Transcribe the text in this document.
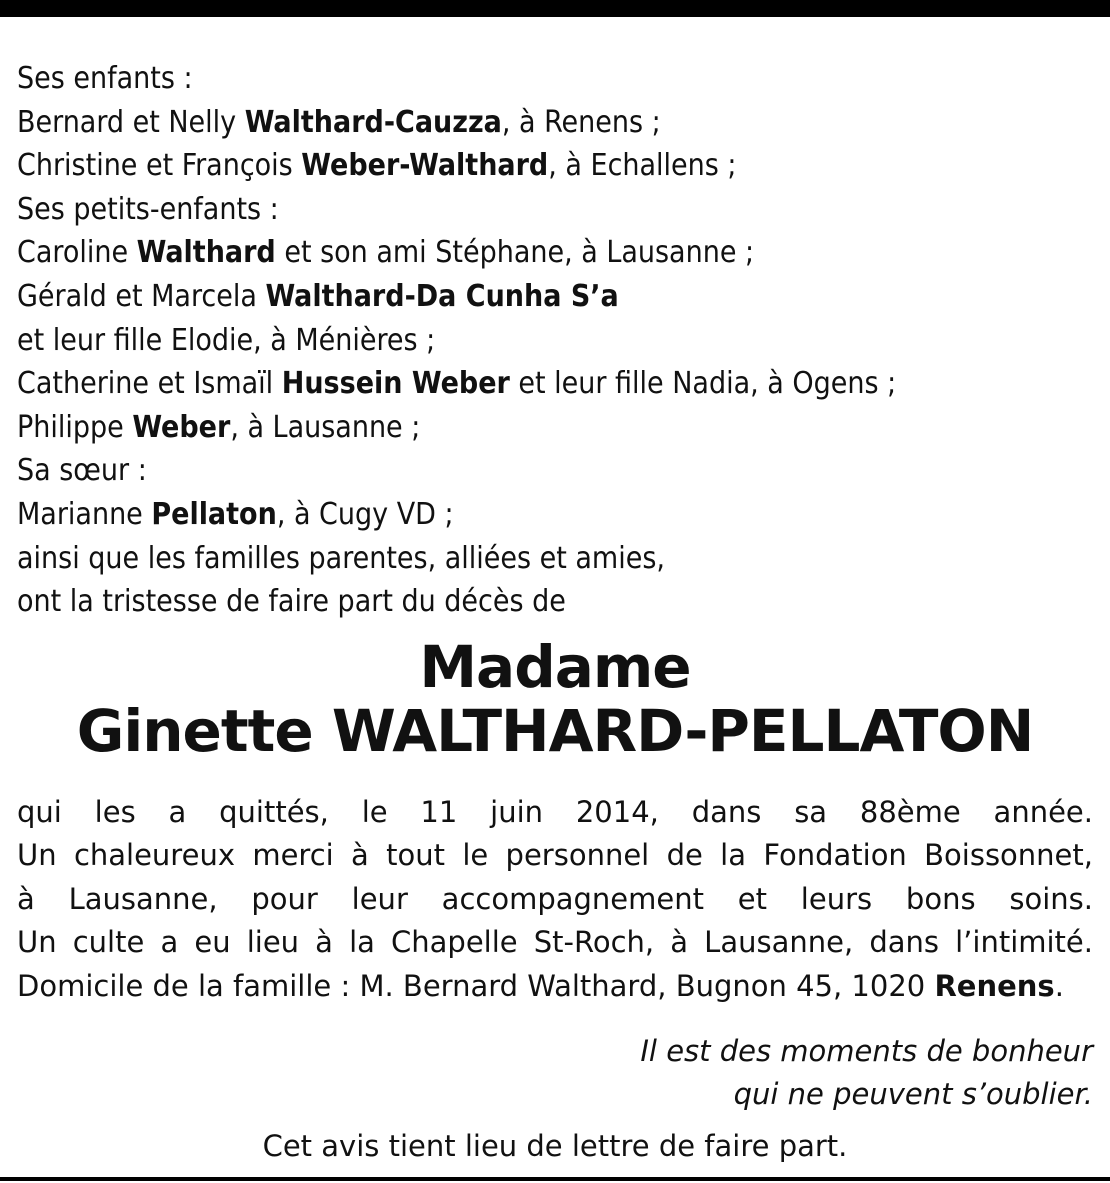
Ses enfants :
Bernard et Nelly Walthard-Cauzza, à Renens ;
Christine et François Weber-Walthard, à Echallens ;
Ses petits-enfants :
Caroline Walthard et son ami Stéphane, à Lausanne ;
Gérald et Marcela Walthard-Da Cunha S’a
et leur fille Elodie, à Ménières ;
Catherine et Ismaïl Hussein Weber et leur fille Nadia, à Ogens ;
Philippe Weber, à Lausanne ;
Sa sœur :
Marianne Pellaton, à Cugy VD ;
ainsi que les familles parentes, alliées et amies,
ont la tristesse de faire part du décès de
Madame
Ginette WALTHARD-PELLATON
qui les a quittés, le 11 juin 2014, dans sa 88ème année.
Un chaleureux merci à tout le personnel de la Fondation Boissonnet,
à Lausanne, pour leur accompagnement et leurs bons soins.
Un culte a eu lieu à la Chapelle St-Roch, à Lausanne, dans l’intimité.
Domicile de la famille : M. Bernard Walthard, Bugnon 45, 1020 Renens.
Il est des moments de bonheur
qui ne peuvent s’oublier.
Cet avis tient lieu de lettre de faire part.
